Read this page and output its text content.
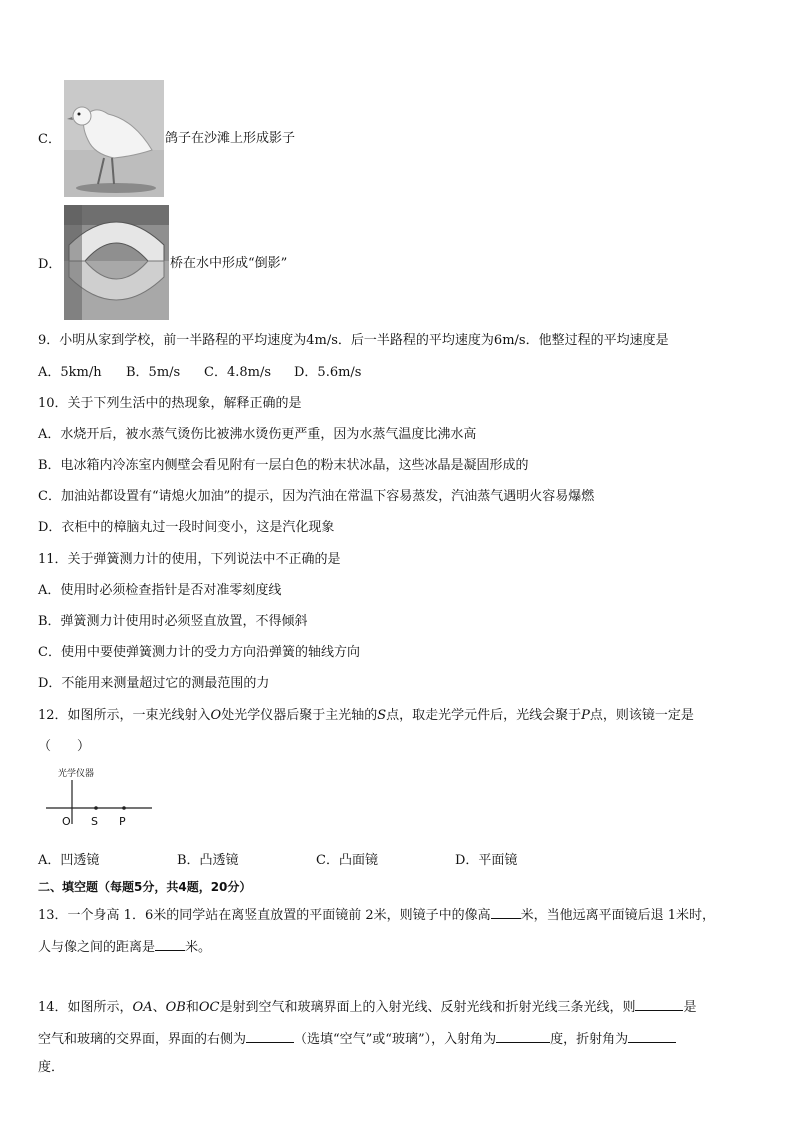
C．	鸽子在沙滩上形成影子
D．	桥在水中形成“倒影”
9．小明从家到学校，前一半路程的平均速度为4m/s．后一半路程的平均速度为6m/s．他整过程的平均速度是
A．5km/h B．5m/s C．4.8m/s D．5.6m/s
10．关于下列生活中的热现象，解释正确的是
A．水烧开后，被水蒸气烫伤比被沸水烫伤更严重，因为水蒸气温度比沸水高
B．电冰箱内冷冻室内侧壁会看见附有一层白色的粉末状冰晶，这些冰晶是凝固形成的
C．加油站都设置有“请熄火加油”的提示，因为汽油在常温下容易蒸发，汽油蒸气遇明火容易爆燃
D．衣柜中的樟脑丸过一段时间变小，这是汽化现象
11．关于弹簧测力计的使用，下列说法中不正确的是
A．使用时必须检查指针是否对准零刻度线
B．弹簧测力计使用时必须竖直放置，不得倾斜
C．使用中要使弹簧测力计的受力方向沿弹簧的轴线方向
D．不能用来测量超过它的测最范围的力
12．如图所示，一束光线射入O处光学仪器后聚于主光轴的S点，取走光学元件后，光线会聚于P点，则该镜一定是
（　　）
光学仪器
O S P
A．凹透镜	B．凸透镜	C．凸面镜	D．平面镜
二、填空题（每题5分，共4题，20分）
13．一个身高 1．6米的同学站在离竖直放置的平面镜前 2米，则镜子中的像高 米，当他远离平面镜后退 1米时，
人与像之间的距离是 米。
14．如图所示，OA、OB和OC是射到空气和玻璃界面上的入射光线、反射光线和折射光线三条光线，则	是
空气和玻璃的交界面，界面的右侧为	（选填“空气”或“玻璃”），入射角为	度，折射角为
度．
